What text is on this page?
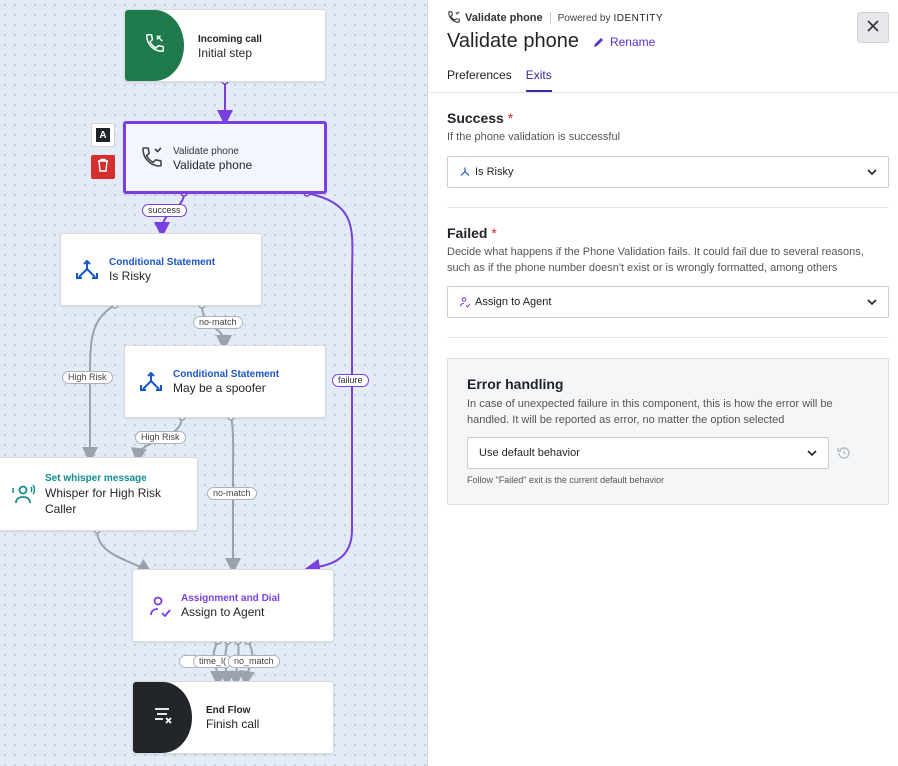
Incoming call
Initial step
A
Validate phone
Validate phone
Conditional Statement
Is Risky
Conditional Statement
May be a spoofer
Set whisper message
Whisper for High Risk Caller
Assignment and Dial
Assign to Agent
End Flow
Finish call
success
no-match
High Risk	failure
High Risk
no-match
time_l( no_match
Validate phone Powered by IDENTITY
Validate phone	Rename
Preferences Exits
Success *
If the phone validation is successful
Is Risky
Failed *
Decide what happens if the Phone Validation fails. It could fail due to several reasons, such as if the phone number doesn't exist or is wrongly formatted, among others
Assign to Agent
Error handling
In case of unexpected failure in this component, this is how the error will be handled. It will be reported as error, no matter the option selected
Use default behavior
Follow "Failed" exit is the current default behavior
